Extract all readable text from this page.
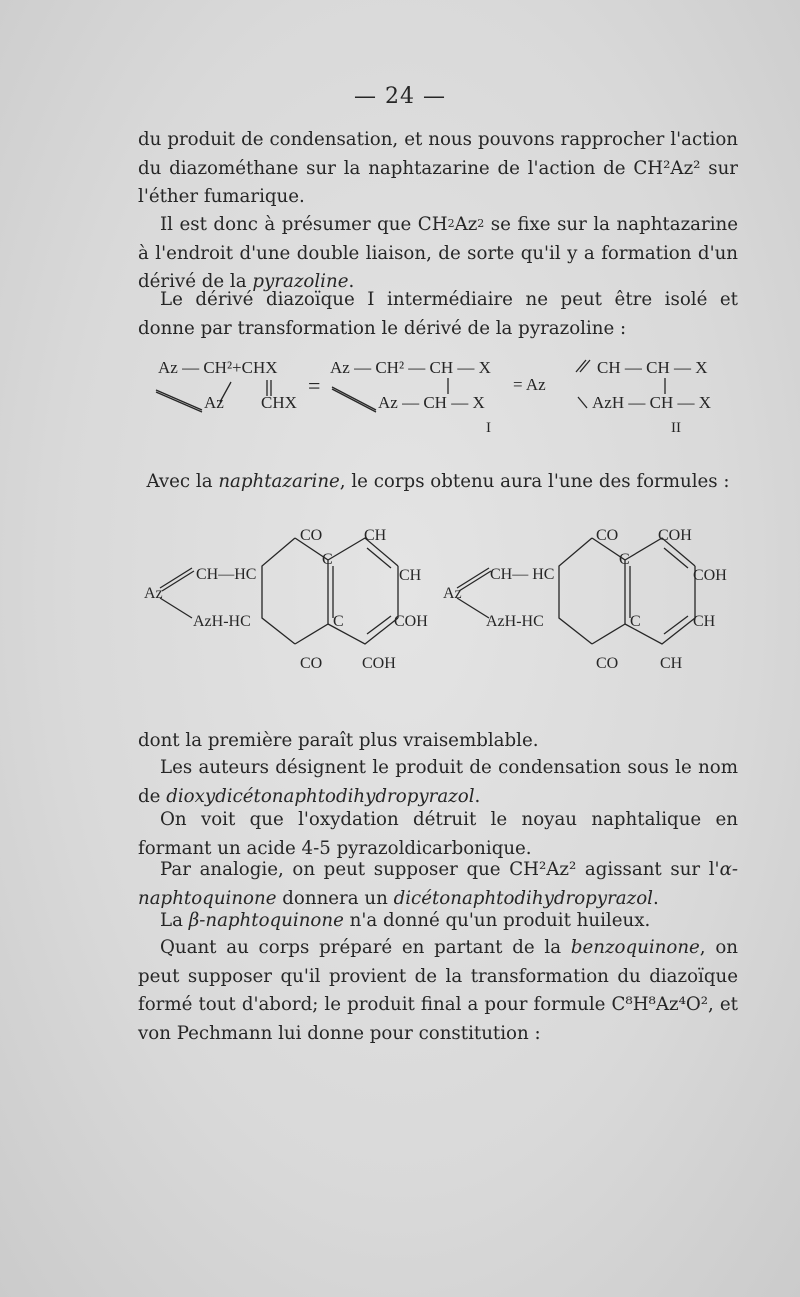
— 24 —
du produit de condensation, et nous pouvons rapprocher l'action du diazométhane sur la naphtazarine de l'action de CH²Az² sur l'éther fumarique.
Il est donc à présumer que $CH^2Az^2$ se fixe sur la naphtazarine à l'endroit d'une double liaison, de sorte qu'il y a formation d'un dérivé de la pyrazoline.
Le dérivé diazoïque I intermédiaire ne peut être isolé et donne par transformation le dérivé de la pyrazoline :
Az — CH²+CHX
Az CHX
=
Az — CH² — CH — X
Az — CH — X
= Az
CH — CH — X
AzH — CH — X
I	II
Avec la naphtazarine, le corps obtenu aura l'une des formules :
CO	CH
CH—HC
Az
AzH-HC
C
C
CH
COH
CO COH
CO COH
CH— HC
Az
AzH-HC
C
C
COH
CH
CO	CH
dont la première paraît plus vraisemblable.
Les auteurs désignent le produit de condensation sous le nom de dioxydicétonaphtodihydropyrazol.
On voit que l'oxydation détruit le noyau naphtalique en formant un acide 4-5 pyrazoldicarbonique.
Par analogie, on peut supposer que CH²Az² agissant sur l'α-naphtoquinone donnera un dicétonaphtodihydropyrazol.
La β-naphtoquinone n'a donné qu'un produit huileux.
Quant au corps préparé en partant de la benzoquinone, on peut supposer qu'il provient de la transformation du diazoïque formé tout d'abord; le produit final a pour formule C⁸H⁸Az⁴O², et von Pechmann lui donne pour constitution :
